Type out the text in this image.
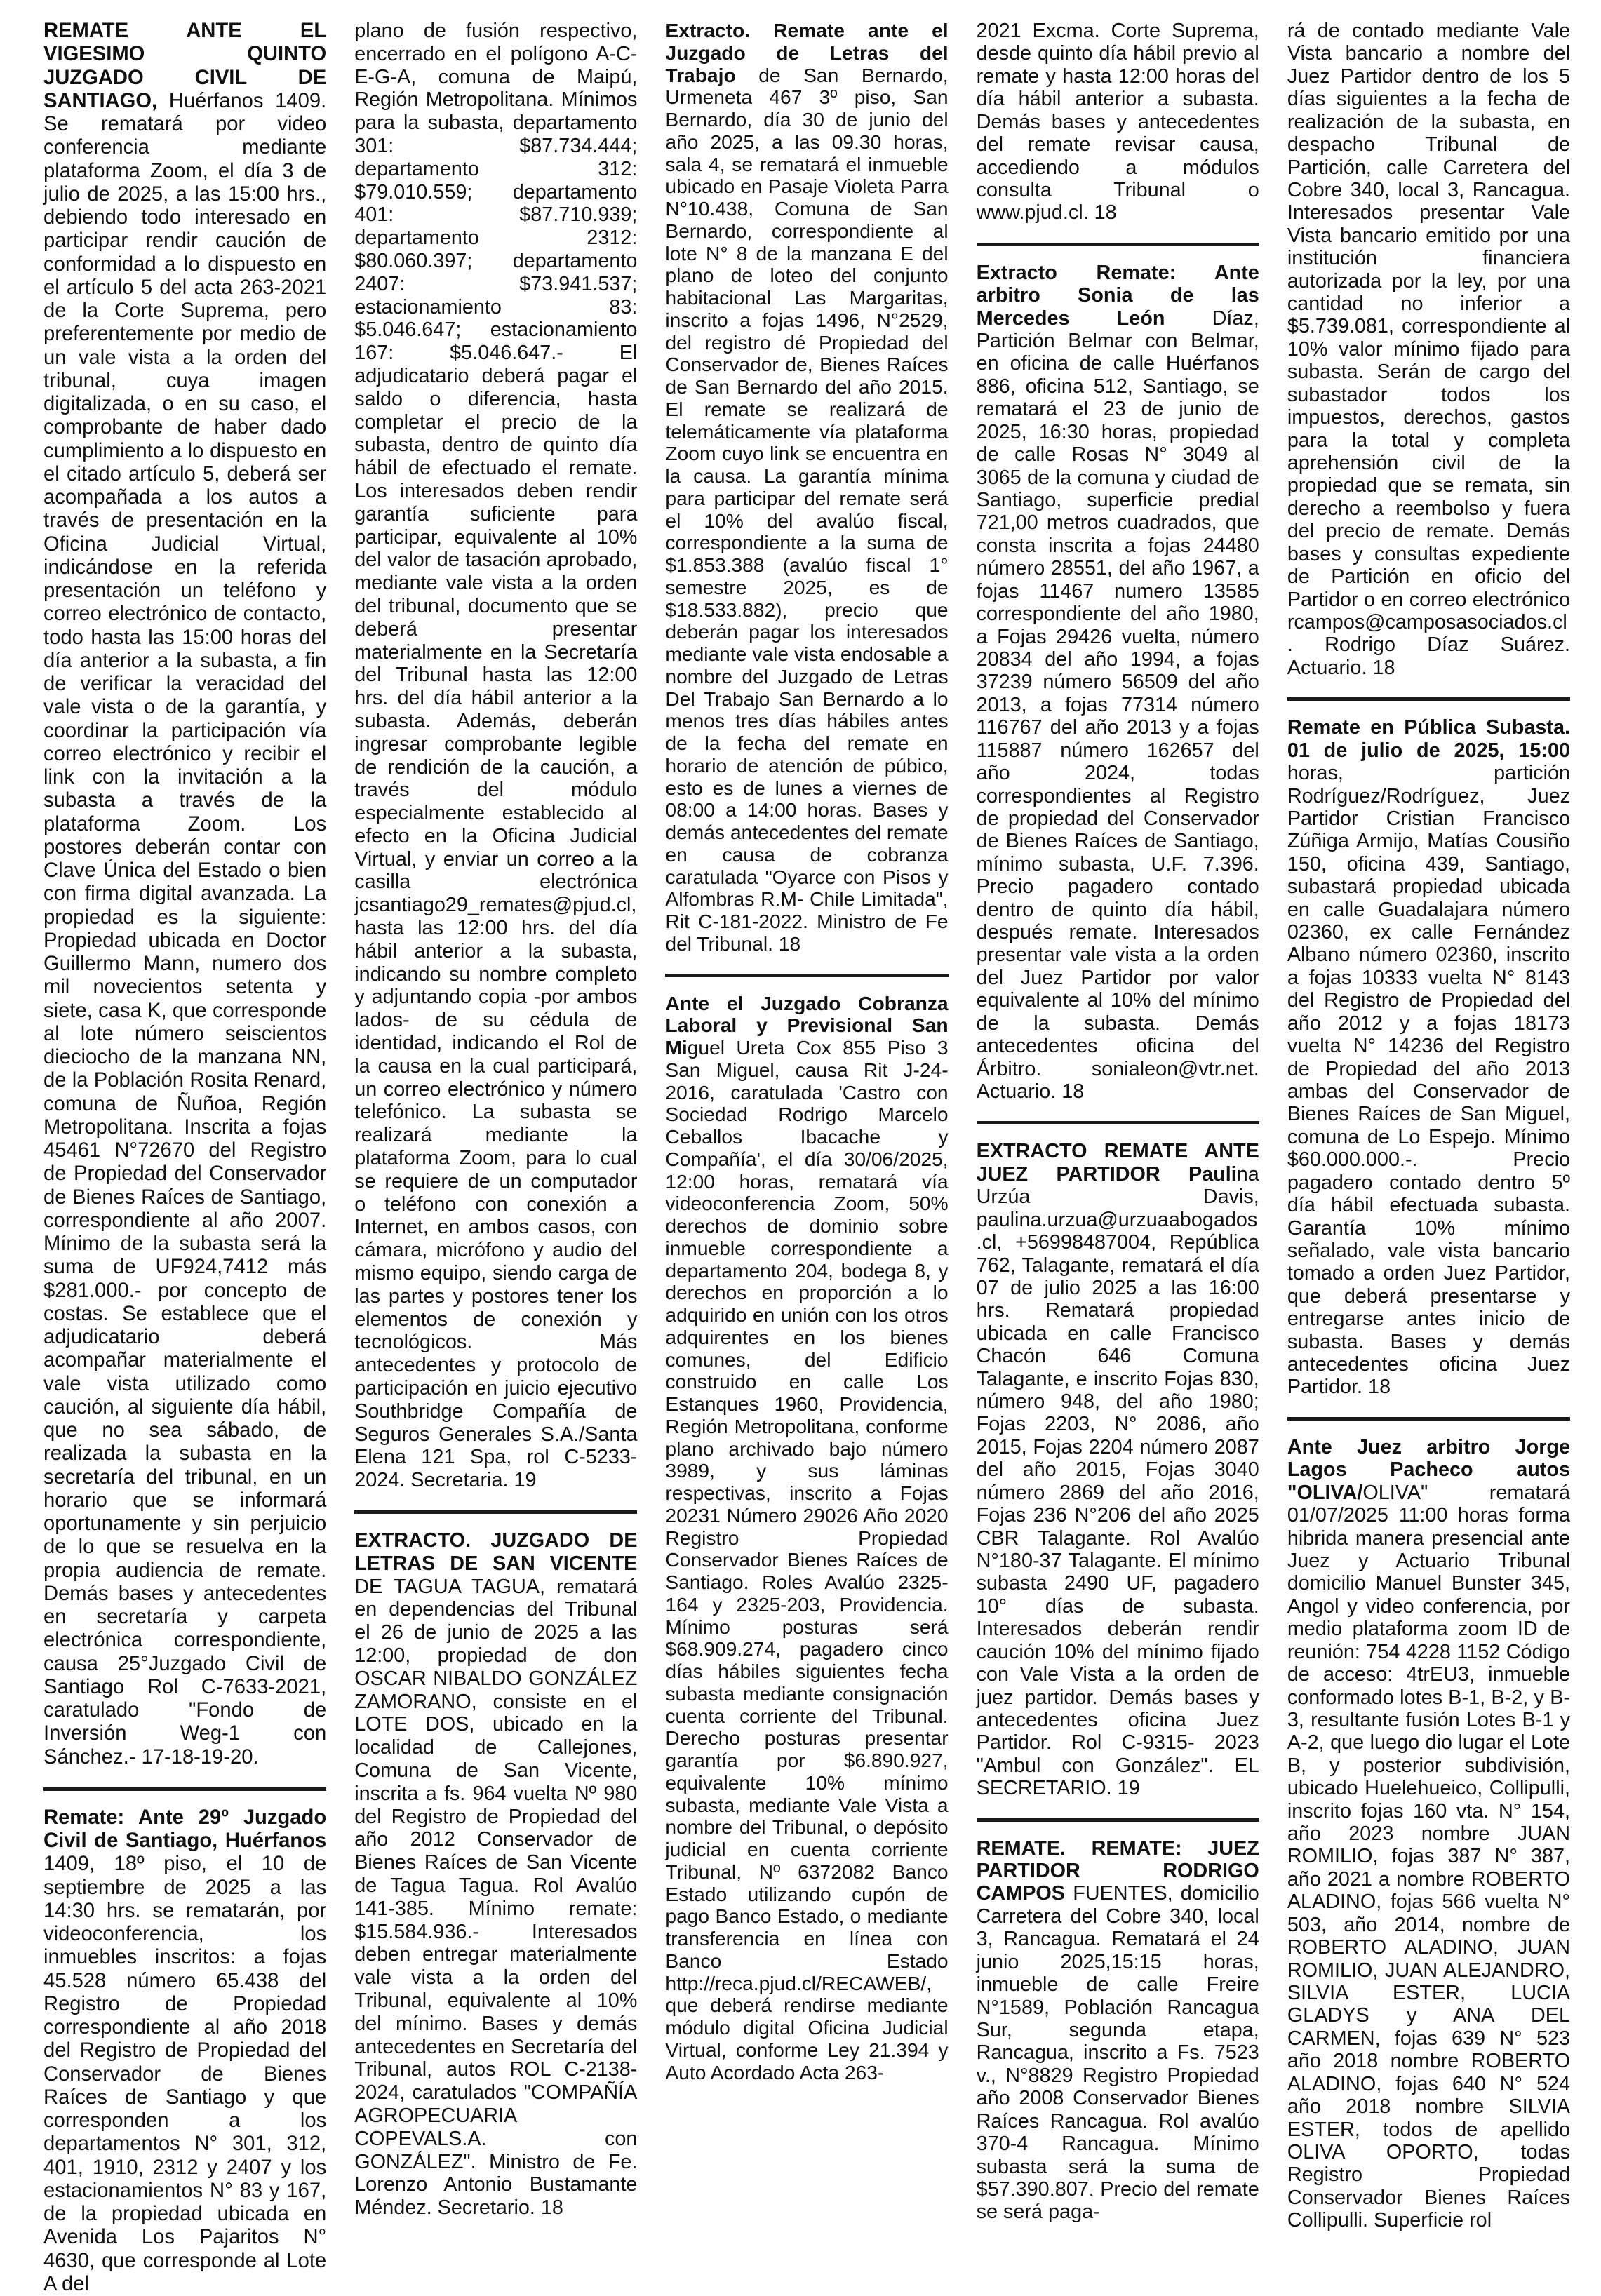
REMATE ANTE EL VIGESIMO QUINTO JUZGADO CIVIL DE SANTIAGO, Huérfanos 1409. Se rematará por video conferencia mediante plataforma Zoom, el día 3 de julio de 2025, a las 15:00 hrs., debiendo todo interesado en participar rendir caución de conformidad a lo dispuesto en el artículo 5 del acta 263-2021 de la Corte Suprema, pero preferentemente por medio de un vale vista a la orden del tribunal, cuya imagen digitalizada, o en su caso, el comprobante de haber dado cumplimiento a lo dispuesto en el citado artículo 5, deberá ser acompañada a los autos a través de presentación en la Oficina Judicial Virtual, indicándose en la referida presentación un teléfono y correo electrónico de contacto, todo hasta las 15:00 horas del día anterior a la subasta, a fin de verificar la veracidad del vale vista o de la garantía, y coordinar la participación vía correo electrónico y recibir el link con la invitación a la subasta a través de la plataforma Zoom. Los postores deberán contar con Clave Única del Estado o bien con firma digital avanzada. La propiedad es la siguiente: Propiedad ubicada en Doctor Guillermo Mann, numero dos mil novecientos setenta y siete, casa K, que corresponde al lote número seiscientos dieciocho de la manzana NN, de la Población Rosita Renard, comuna de Ñuñoa, Región Metropolitana. Inscrita a fojas 45461 N°72670 del Registro de Propiedad del Conservador de Bienes Raíces de Santiago, correspondiente al año 2007. Mínimo de la subasta será la suma de UF924,7412 más $281.000.- por concepto de costas. Se establece que el adjudicatario deberá acompañar materialmente el vale vista utilizado como caución, al siguiente día hábil, que no sea sábado, de realizada la subasta en la secretaría del tribunal, en un horario que se informará oportunamente y sin perjuicio de lo que se resuelva en la propia audiencia de remate. Demás bases y antecedentes en secretaría y carpeta electrónica correspondiente, causa 25°Juzgado Civil de Santiago Rol C-7633-2021, caratulado "Fondo de Inversión Weg-1 con Sánchez.- 17-18-19-20.

Remate: Ante 29º Juzgado Civil de Santiago, Huérfanos 1409, 18º piso, el 10 de septiembre de 2025 a las 14:30 hrs. se rematarán, por videoconferencia, los inmuebles inscritos: a fojas 45.528 número 65.438 del Registro de Propiedad correspondiente al año 2018 del Registro de Propiedad del Conservador de Bienes Raíces de Santiago y que corresponden a los departamentos N° 301, 312, 401, 1910, 2312 y 2407 y los estacionamientos N° 83 y 167, de la propiedad ubicada en Avenida Los Pajaritos N° 4630, que corresponde al Lote A del

plano de fusión respectivo, encerrado en el polígono A-C-E-G-A, comuna de Maipú, Región Metropolitana. Mínimos para la subasta, departamento 301: $87.734.444; departamento 312: $79.010.559; departamento 401: $87.710.939; departamento 2312: $80.060.397; departamento 2407: $73.941.537; estacionamiento 83: $5.046.647; estacionamiento 167: $5.046.647.- El adjudicatario deberá pagar el saldo o diferencia, hasta completar el precio de la subasta, dentro de quinto día hábil de efectuado el remate. Los interesados deben rendir garantía suficiente para participar, equivalente al 10% del valor de tasación aprobado, mediante vale vista a la orden del tribunal, documento que se deberá presentar materialmente en la Secretaría del Tribunal hasta las 12:00 hrs. del día hábil anterior a la subasta. Además, deberán ingresar comprobante legible de rendición de la caución, a través del módulo especialmente establecido al efecto en la Oficina Judicial Virtual, y enviar un correo a la casilla electrónica jcsantiago29_remates@pjud.cl, hasta las 12:00 hrs. del día hábil anterior a la subasta, indicando su nombre completo y adjuntando copia -por ambos lados- de su cédula de identidad, indicando el Rol de la causa en la cual participará, un correo electrónico y número telefónico. La subasta se realizará mediante la plataforma Zoom, para lo cual se requiere de un computador o teléfono con conexión a Internet, en ambos casos, con cámara, micrófono y audio del mismo equipo, siendo carga de las partes y postores tener los elementos de conexión y tecnológicos. Más antecedentes y protocolo de participación en juicio ejecutivo Southbridge Compañía de Seguros Generales S.A./Santa Elena 121 Spa, rol C-5233-2024. Secretaria. 19

EXTRACTO. JUZGADO DE LETRAS DE SAN VICENTE DE TAGUA TAGUA, rematará en dependencias del Tribunal el 26 de junio de 2025 a las 12:00, propiedad de don OSCAR NIBALDO GONZÁLEZ ZAMORANO, consiste en el LOTE DOS, ubicado en la localidad de Callejones, Comuna de San Vicente, inscrita a fs. 964 vuelta Nº 980 del Registro de Propiedad del año 2012 Conservador de Bienes Raíces de San Vicente de Tagua Tagua. Rol Avalúo 141-385. Mínimo remate: $15.584.936.- Interesados deben entregar materialmente vale vista a la orden del Tribunal, equivalente al 10% del mínimo. Bases y demás antecedentes en Secretaría del Tribunal, autos ROL C-2138-2024, caratulados "COMPAÑÍA AGROPECUARIA COPEVALS.A. con GONZÁLEZ". Ministro de Fe. Lorenzo Antonio Bustamante Méndez. Secretario. 18

Extracto. Remate ante el Juzgado de Letras del Trabajo de San Bernardo, Urmeneta 467 3º piso, San Bernardo, día 30 de junio del año 2025, a las 09.30 horas, sala 4, se rematará el inmueble ubicado en Pasaje Violeta Parra N°10.438, Comuna de San Bernardo, correspondiente al lote N° 8 de la manzana E del plano de loteo del conjunto habitacional Las Margaritas, inscrito a fojas 1496, N°2529, del registro dé Propiedad del Conservador de, Bienes Raíces de San Bernardo del año 2015. El remate se realizará de telemáticamente vía plataforma Zoom cuyo link se encuentra en la causa. La garantía mínima para participar del remate será el 10% del avalúo fiscal, correspondiente a la suma de $1.853.388 (avalúo fiscal 1° semestre 2025, es de $18.533.882), precio que deberán pagar los interesados mediante vale vista endosable a nombre del Juzgado de Letras Del Trabajo San Bernardo a lo menos tres días hábiles antes de la fecha del remate en horario de atención de púbico, esto es de lunes a viernes de 08:00 a 14:00 horas. Bases y demás antecedentes del remate en causa de cobranza caratulada "Oyarce con Pisos y Alfombras R.M- Chile Limitada", Rit C-181-2022. Ministro de Fe del Tribunal. 18

Ante el Juzgado Cobranza Laboral y Previsional San Miguel Ureta Cox 855 Piso 3 San Miguel, causa Rit J-24-2016, caratulada 'Castro con Sociedad Rodrigo Marcelo Ceballos Ibacache y Compañía', el día 30/06/2025, 12:00 horas, rematará vía videoconferencia Zoom, 50% derechos de dominio sobre inmueble correspondiente a departamento 204, bodega 8, y derechos en proporción a lo adquirido en unión con los otros adquirentes en los bienes comunes, del Edificio construido en calle Los Estanques 1960, Providencia, Región Metropolitana, conforme plano archivado bajo número 3989, y sus láminas respectivas, inscrito a Fojas 20231 Número 29026 Año 2020 Registro Propiedad Conservador Bienes Raíces de Santiago. Roles Avalúo 2325-164 y 2325-203, Providencia. Mínimo posturas será $68.909.274, pagadero cinco días hábiles siguientes fecha subasta mediante consignación cuenta corriente del Tribunal. Derecho posturas presentar garantía por $6.890.927, equivalente 10% mínimo subasta, mediante Vale Vista a nombre del Tribunal, o depósito judicial en cuenta corriente Tribunal, Nº 6372082 Banco Estado utilizando cupón de pago Banco Estado, o mediante transferencia en línea con Banco Estado http://reca.pjud.cl/RECAWEB/, que deberá rendirse mediante módulo digital Oficina Judicial Virtual, conforme Ley 21.394 y Auto Acordado Acta 263-

2021 Excma. Corte Suprema, desde quinto día hábil previo al remate y hasta 12:00 horas del día hábil anterior a subasta. Demás bases y antecedentes del remate revisar causa, accediendo a módulos consulta Tribunal o www.pjud.cl. 18

Extracto Remate: Ante arbitro Sonia de las Mercedes León Díaz, Partición Belmar con Belmar, en oficina de calle Huérfanos 886, oficina 512, Santiago, se rematará el 23 de junio de 2025, 16:30 horas, propiedad de calle Rosas N° 3049 al 3065 de la comuna y ciudad de Santiago, superficie predial 721,00 metros cuadrados, que consta inscrita a fojas 24480 número 28551, del año 1967, a fojas 11467 numero 13585 correspondiente del año 1980, a Fojas 29426 vuelta, número 20834 del año 1994, a fojas 37239 número 56509 del año 2013, a fojas 77314 número 116767 del año 2013 y a fojas 115887 número 162657 del año 2024, todas correspondientes al Registro de propiedad del Conservador de Bienes Raíces de Santiago, mínimo subasta, U.F. 7.396. Precio pagadero contado dentro de quinto día hábil, después remate. Interesados presentar vale vista a la orden del Juez Partidor por valor equivalente al 10% del mínimo de la subasta. Demás antecedentes oficina del Árbitro. sonialeon@vtr.net. Actuario. 18

EXTRACTO REMATE ANTE JUEZ PARTIDOR Paulina Urzúa Davis, paulina.urzua@urzuaabogados.cl, +56998487004, República 762, Talagante, rematará el día 07 de julio 2025 a las 16:00 hrs. Rematará propiedad ubicada en calle Francisco Chacón 646 Comuna Talagante, e inscrito Fojas 830, número 948, del año 1980; Fojas 2203, N° 2086, año 2015, Fojas 2204 número 2087 del año 2015, Fojas 3040 número 2869 del año 2016, Fojas 236 N°206 del año 2025 CBR Talagante. Rol Avalúo N°180-37 Talagante. El mínimo subasta 2490 UF, pagadero 10° días de subasta. Interesados deberán rendir caución 10% del mínimo fijado con Vale Vista a la orden de juez partidor. Demás bases y antecedentes oficina Juez Partidor. Rol C-9315- 2023 "Ambul con González". EL SECRETARIO. 19

REMATE. REMATE: JUEZ PARTIDOR RODRIGO CAMPOS FUENTES, domicilio Carretera del Cobre 340, local 3, Rancagua. Rematará el 24 junio 2025,15:15 horas, inmueble de calle Freire N°1589, Población Rancagua Sur, segunda etapa, Rancagua, inscrito a Fs. 7523 v., N°8829 Registro Propiedad año 2008 Conservador Bienes Raíces Rancagua. Rol avalúo 370-4 Rancagua. Mínimo subasta será la suma de $57.390.807. Precio del remate se será paga-

rá de contado mediante Vale Vista bancario a nombre del Juez Partidor dentro de los 5 días siguientes a la fecha de realización de la subasta, en despacho Tribunal de Partición, calle Carretera del Cobre 340, local 3, Rancagua. Interesados presentar Vale Vista bancario emitido por una institución financiera autorizada por la ley, por una cantidad no inferior a $5.739.081, correspondiente al 10% valor mínimo fijado para subasta. Serán de cargo del subastador todos los impuestos, derechos, gastos para la total y completa aprehensión civil de la propiedad que se remata, sin derecho a reembolso y fuera del precio de remate. Demás bases y consultas expediente de Partición en oficio del Partidor o en correo electrónico rcampos@camposasociados.cl. Rodrigo Díaz Suárez. Actuario. 18

Remate en Pública Subasta. 01 de julio de 2025, 15:00 horas, partición Rodríguez/Rodríguez, Juez Partidor Cristian Francisco Zúñiga Armijo, Matías Cousiño 150, oficina 439, Santiago, subastará propiedad ubicada en calle Guadalajara número 02360, ex calle Fernández Albano número 02360, inscrito a fojas 10333 vuelta N° 8143 del Registro de Propiedad del año 2012 y a fojas 18173 vuelta N° 14236 del Registro de Propiedad del año 2013 ambas del Conservador de Bienes Raíces de San Miguel, comuna de Lo Espejo. Mínimo $60.000.000.-. Precio pagadero contado dentro 5º día hábil efectuada subasta. Garantía 10% mínimo señalado, vale vista bancario tomado a orden Juez Partidor, que deberá presentarse y entregarse antes inicio de subasta. Bases y demás antecedentes oficina Juez Partidor. 18

Ante Juez arbitro Jorge Lagos Pacheco autos "OLIVA/OLIVA" rematará 01/07/2025 11:00 horas forma hibrida manera presencial ante Juez y Actuario Tribunal domicilio Manuel Bunster 345, Angol y video conferencia, por medio plataforma zoom ID de reunión: 754 4228 1152 Código de acceso: 4trEU3, inmueble conformado lotes B-1, B-2, y B-3, resultante fusión Lotes B-1 y A-2, que luego dio lugar el Lote B, y posterior subdivisión, ubicado Huelehueico, Collipulli, inscrito fojas 160 vta. N° 154, año 2023 nombre JUAN ROMILIO, fojas 387 N° 387, año 2021 a nombre ROBERTO ALADINO, fojas 566 vuelta N° 503, año 2014, nombre de ROBERTO ALADINO, JUAN ROMILIO, JUAN ALEJANDRO, SILVIA ESTER, LUCIA GLADYS y ANA DEL CARMEN, fojas 639 N° 523 año 2018 nombre ROBERTO ALADINO, fojas 640 N° 524 año 2018 nombre SILVIA ESTER, todos de apellido OLIVA OPORTO, todas Registro Propiedad Conservador Bienes Raíces Collipulli. Superficie rol
